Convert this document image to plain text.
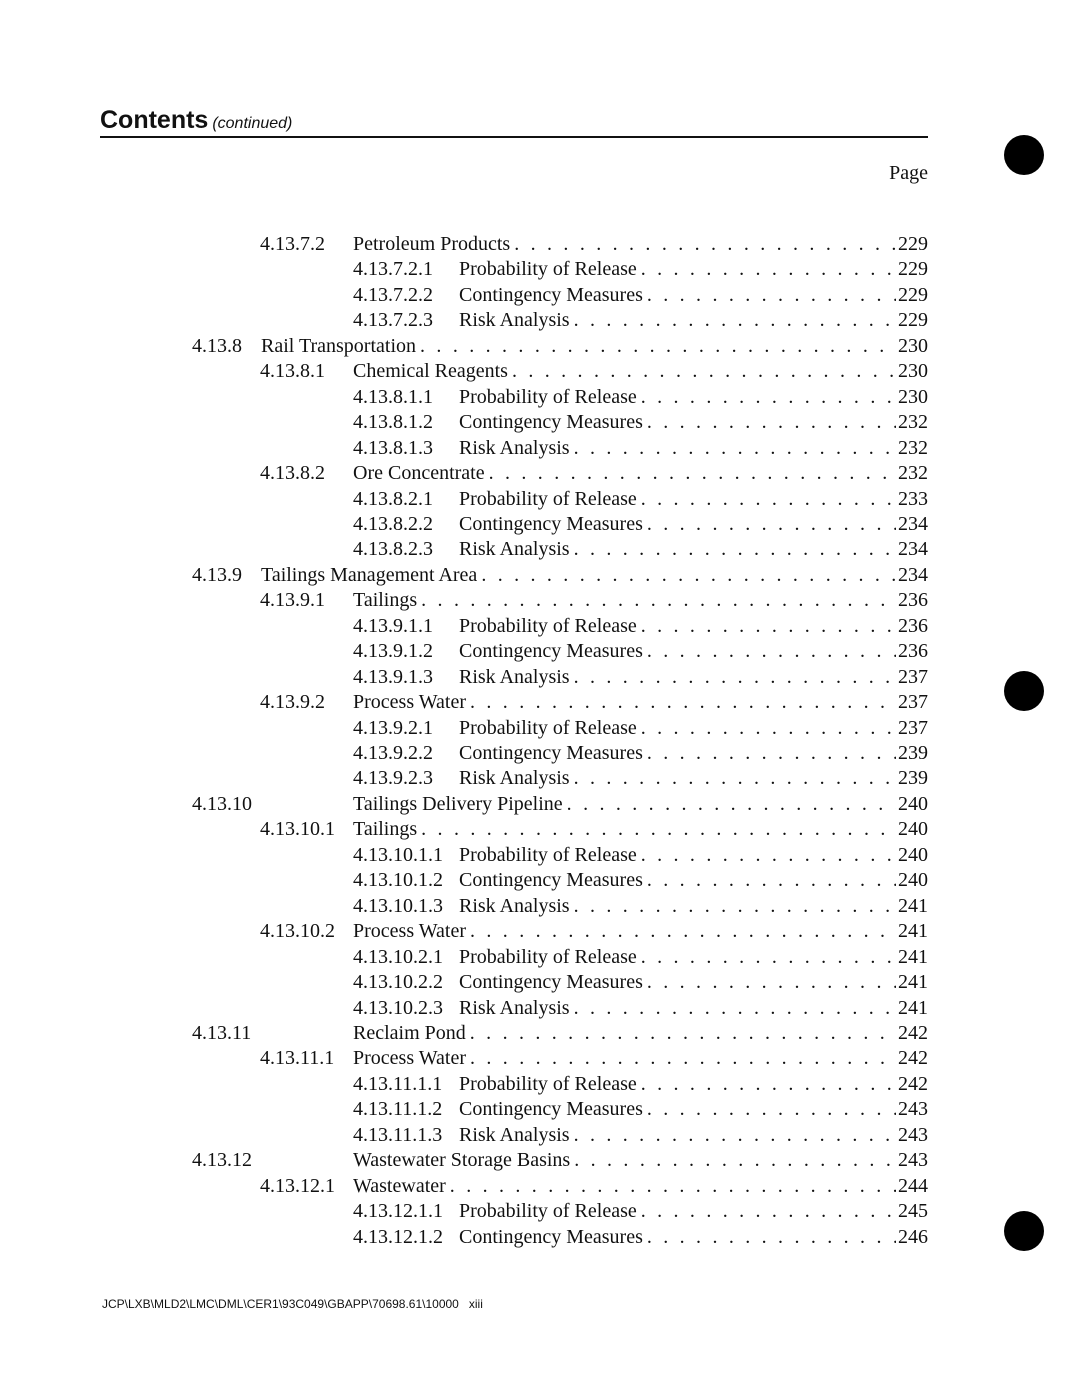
Contents (continued)
Page
4.13.7.2 Petroleum Products . . .	229
4.13.7.2.1 Probability of Release . . .	229
4.13.7.2.2 Contingency Measures . . .	229
4.13.7.2.3 Risk Analysis . . .	229
4.13.8 Rail Transportation . . .	230
4.13.8.1 Chemical Reagents . . .	230
4.13.8.1.1 Probability of Release . . .	230
4.13.8.1.2 Contingency Measures . . .	232
4.13.8.1.3 Risk Analysis . . .	232
4.13.8.2 Ore Concentrate . . .	232
4.13.8.2.1 Probability of Release . . .	233
4.13.8.2.2 Contingency Measures . . .	234
4.13.8.2.3 Risk Analysis . . .	234
4.13.9 Tailings Management Area . . .	234
4.13.9.1 Tailings . . .	236
4.13.9.1.1 Probability of Release . . .	236
4.13.9.1.2 Contingency Measures . . .	236
4.13.9.1.3 Risk Analysis . . .	237
4.13.9.2 Process Water . . .	237
4.13.9.2.1 Probability of Release . . .	237
4.13.9.2.2 Contingency Measures . . .	239
4.13.9.2.3 Risk Analysis . . .	239
4.13.10	Tailings Delivery Pipeline . . .	240
4.13.10.1 Tailings . . .	240
4.13.10.1.1 Probability of Release . . .	240
4.13.10.1.2 Contingency Measures . . .	240
4.13.10.1.3 Risk Analysis . . .	241
4.13.10.2 Process Water . . .	241
4.13.10.2.1 Probability of Release . . .	241
4.13.10.2.2 Contingency Measures . . .	241
4.13.10.2.3 Risk Analysis . . .	241
4.13.11	Reclaim Pond . . .	242
4.13.11.1 Process Water . . .	242
4.13.11.1.1 Probability of Release . . .	242
4.13.11.1.2 Contingency Measures . . .	243
4.13.11.1.3 Risk Analysis . . .	243
4.13.12	Wastewater Storage Basins . . .	243
4.13.12.1 Wastewater . . .	244
4.13.12.1.1 Probability of Release . . .	245
4.13.12.1.2 Contingency Measures . . .	246
JCP\LXB\MLD2\LMC\DML\CER1\93C049\GBAPP\70698.61\10000 xiii
